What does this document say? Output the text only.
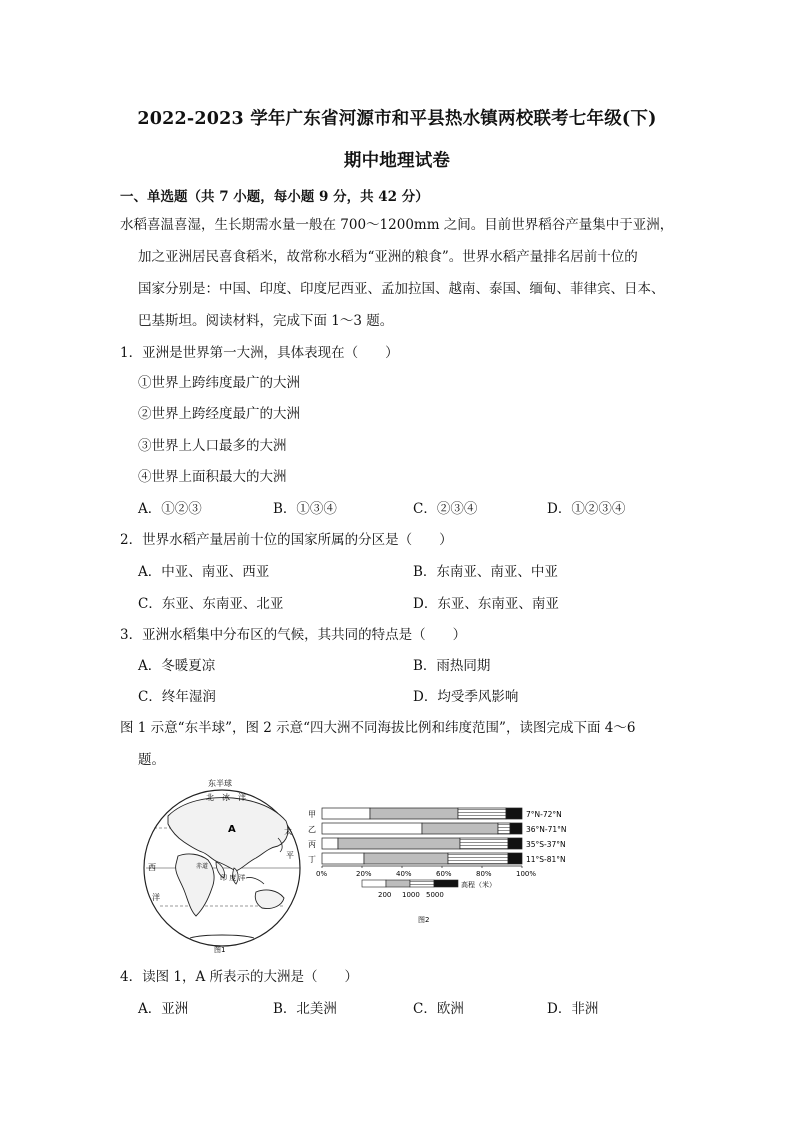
2022-2023 学年广东省河源市和平县热水镇两校联考七年级(下)
期中地理试卷
一、单选题（共 7 小题，每小题 9 分，共 42 分）
水稻喜温喜湿，生长期需水量一般在 700～1200mm 之间。目前世界稻谷产量集中于亚洲，
加之亚洲居民喜食稻米，故常称水稻为“亚洲的粮食”。世界水稻产量排名居前十位的
国家分别是：中国、印度、印度尼西亚、孟加拉国、越南、泰国、缅甸、菲律宾、日本、
巴基斯坦。阅读材料，完成下面 1～3 题。
1．亚洲是世界第一大洲，具体表现在（　　）
①世界上跨纬度最广的大洲
②世界上跨经度最广的大洲
③世界上人口最多的大洲
④世界上面积最大的大洲
A．①②③	B．①③④	C．②③④	D．①②③④
2．世界水稻产量居前十位的国家所属的分区是（　　）
A．中亚、南亚、西亚	B．东南亚、南亚、中亚
C．东亚、东南亚、北亚	D．东亚、东南亚、南亚
3．亚洲水稻集中分布区的气候，其共同的特点是（　　）
A．冬暖夏凉	B．雨热同期
C．终年湿润	D．均受季风影响
图 1 示意“东半球”，图 2 示意“四大洲不同海拔比例和纬度范围”，读图完成下面 4～6
题。
东半球
北 冰 洋
A	太
平
西	赤道
印 度 洋
洋
图1
甲	7°N-72°N
乙	36°N-71°N
丙	35°S-37°N
丁	11°S-81°N
0%	20%	40%	60%	80%	100%
高程（米）
200 1000 5000
图2
4．读图 1，A 所表示的大洲是（　　）
A．亚洲	B．北美洲	C．欧洲	D．非洲
